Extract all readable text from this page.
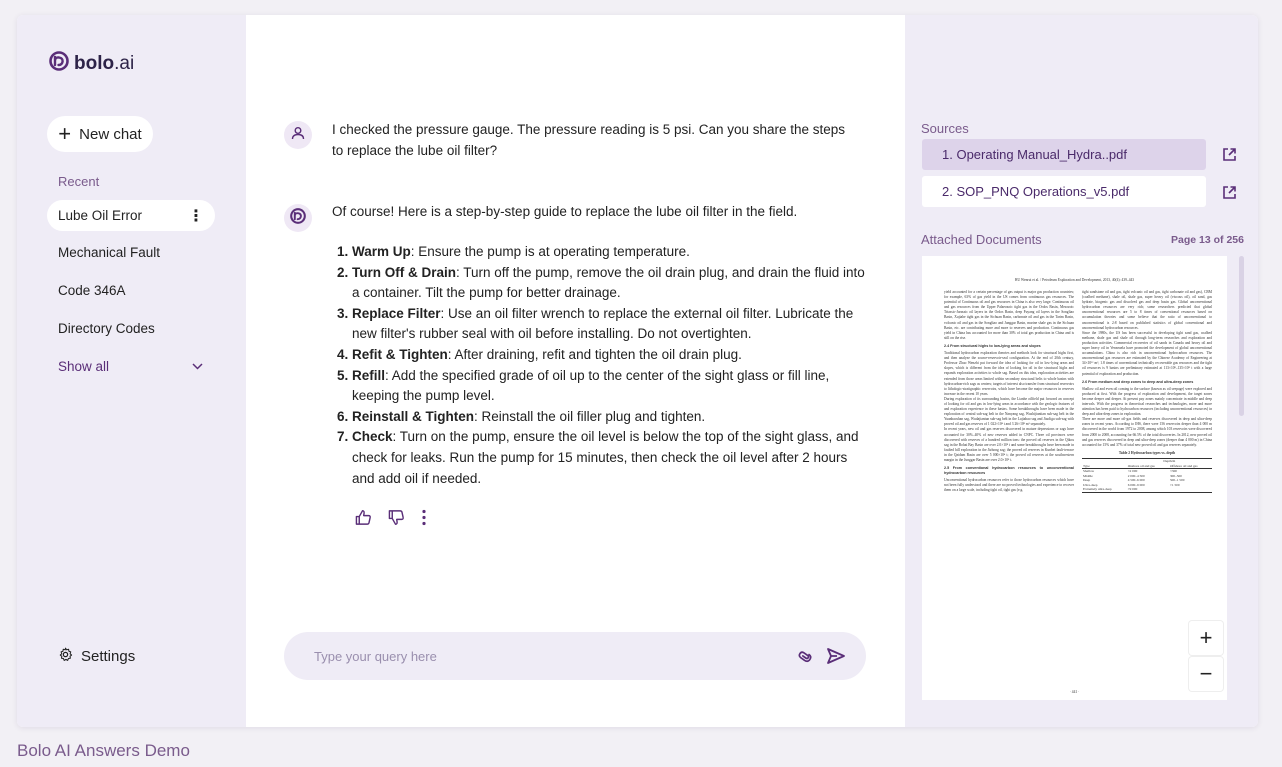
bolo.ai
+ New chat
Recent
Lube Oil Error	⋮
Mechanical Fault
Code 346A
Directory Codes
Show all
Settings
I checked the pressure gauge. The pressure reading is 5 psi. Can you share the steps to replace the lube oil filter?
Of course! Here is a step-by-step guide to replace the lube oil filter in the field.
1. Warm Up: Ensure the pump is at operating temperature.
2. Turn Off & Drain: Turn off the pump, remove the oil drain plug, and drain the fluid into a container. Tilt the pump for better drainage.
3. Replace Filter: Use an oil filter wrench to replace the external oil filter. Lubricate the new filter's rubber seal with oil before installing. Do not overtighten.
4. Refit & Tighten: After draining, refit and tighten the oil drain plug.
5. Refill: Add the specified grade of oil up to the center of the sight glass or fill line, keeping the pump level.
6. Reinstall & Tighten: Reinstall the oil filler plug and tighten.
7. Check: Turn on the pump, ensure the oil level is below the top of the sight glass, and check for leaks. Run the pump for 15 minutes, then check the oil level after 2 hours and add oil if needed.
Type your query here
Sources
1. Operating Manual_Hydra..pdf
2. SOP_PNQ Operations_v5.pdf
Attached Documents	Page 13 of 256
HU Wenrui et al. / Petroleum Exploration and Development, 2013, 40(4): 439–443

yield accounted for a certain percentage of gas output is major gas production countries; for example, 63% of gas yield in the US comes from continuous gas resources. The potential of Continuous oil and gas resources in China is also very large. Continuous oil and gas resources from the Upper Palaeozoic tight gas in the Ordos Basin, Mesozoic Triassic-Jurassic oil layers in the Ordos Basin, deep Fuyang oil layers in the Songliao Basin, Xujiahe tight gas in the Sichuan Basin, carbonate oil and gas in the Tarim Basin, volcanic oil and gas in the Songliao and Junggar Basin, marine shale gas in the Sichuan Basin, etc. are contributing more and more to reserves and production. Continuous gas yield in China has accounted for more than 30% of total gas production in China and is still on the rise.

2.4 From structural highs to low-lying areas and slopes

Traditional hydrocarbon exploration theories and methods look for structural highs first, and then analyze the source-reservoir-seal configuration. At the end of 20th century, Professor Zhao Wenzhi put forward the idea of looking for oil in low-lying areas and slopes, which is different from the idea of looking for oil in the structural highs and expands exploration activities to whole sag. Based on this idea, exploration activities are extended from those areas limited within secondary structural belts to whole basins with hydrocarbon-rich sags as centers; targets of interest also transfer from structural reservoirs to lithologic-stratigraphic reservoirs, which have become the major resources in reserves increase in the recent 10 years.

During exploration of its surrounding basins, the Lianhe oilfield put forward an concept of looking for oil and gas in low-lying areas in accordance with the geologic features of and exploration experience in these basins. Some breakthroughs have been made in the exploration of central sub-sag belt in the Nanyang sag, Wushijiantian sub-sag belt in the Yuanbaoshan sag, Wudajiantun sub-sag belt in the Lujiabao sag and Jiaoliga sub-sag with proved oil and gas reserves of 1 022×10⁴ t and 3 26×10⁸ m³ separately.

In recent years, new oil and gas reserves discovered in mature depressions or sags have accounted for 30%–40% of new reserves added in CNPC. Three oil provinces were discovered with reserves of a hundred million tons: the proved oil reserves in the Qikou sag in the Bohai Bay Basin are over 2.0×10⁸ t and some breakthroughs have been made in faulted hill exploration in the Jizhong sag; the proved oil reserves in Kunbei fault-terrace in the Qaidam Basin are over 5 000×10⁴ t; the proved oil reserves at the southwestern margin in the Junggar Basin are over 2.0×10⁸ t.

2.5 From conventional hydrocarbon resources to unconventional hydrocarbon resources

Unconventional hydrocarbon resources refer to those hydrocarbon resources which have not been fully understood and there are no proved technologies and experience to recover them on a large scale, including tight oil, tight gas (e.g.

tight sandstone oil and gas, tight volcanic oil and gas, tight carbonate oil and gas), CBM (coalbed methane), shale oil, shale gas, super heavy oil (viscous oil), oil sand, gas hydrate, biogenic gas and dissolved gas and deep basin gas. Global unconventional hydrocarbon resources are very rich; some researchers predicted that global unconventional resources are 5 to 8 times of conventional resources based on accumulation theories and some believe that the ratio of unconventional to unconventional is 2:8 based on published statistics of global conventional and unconventional hydrocarbon resources.

Since the 1980s, the US has been successful in developing tight sand gas, coalbed methane, shale gas and shale oil through long-term researches and exploration and production activities. Commercial recoveries of oil sands in Canada and heavy oil and super heavy oil in Venezuela have promoted the development of global unconventional accumulations. China is also rich in unconventional hydrocarbon resources. The unconventional gas resources are estimated by the Chinese Academy of Engineering at 34×10¹² m³, 1.8 times of conventional technically recoverable gas resources and the tight oil resources is 9 basins are preliminary estimated at 113×10⁸–135×10⁸ t with a large potential of exploration and production.

2.6 From medium and deep zones to deep and ultra-deep zones

Shallow oil and even oil coming to the surface (known as oil seepage) were explored and produced at first. With the progress of exploration and development, the target zones become deeper and deeper. At present pay zones mainly concentrate in middle and deep intervals. With the progress in theoretical researches and technologies, more and more attention has been paid to hydrocarbon resources (including unconventional resources) in deep and ultra-deep zones in exploration.

There are more and more oil-gas fields and reserves discovered in deep and ultra-deep zones in recent years. According to IHS, there were 156 reservoirs deeper than 4 000 m discovered in the world from 1972 to 2008, among which 103 reservoirs were discovered from 2000 to 2008, accounting for 66.5% of the total discoveries. In 2012, new proved oil and gas reserves discovered in deep and ultra-deep zones (deeper than 4 000 m) in China accounted for 15% and 37% of total new proved oil and gas reserves separately.

Table 2 Hydrocarbon types vs. depth

	Depth/m	
Type	Onshore oil and gas	Offshore oil and gas
Shallow	<2 000	<300
Middle	2 000–4 500	300–500
Deep	4 500–6 000	500–1 500
Ultra-deep	6 000–9 000	>1 500
Extremely ultra-deep	>9 000	
· 441 ·
+
−
Bolo AI Answers Demo
